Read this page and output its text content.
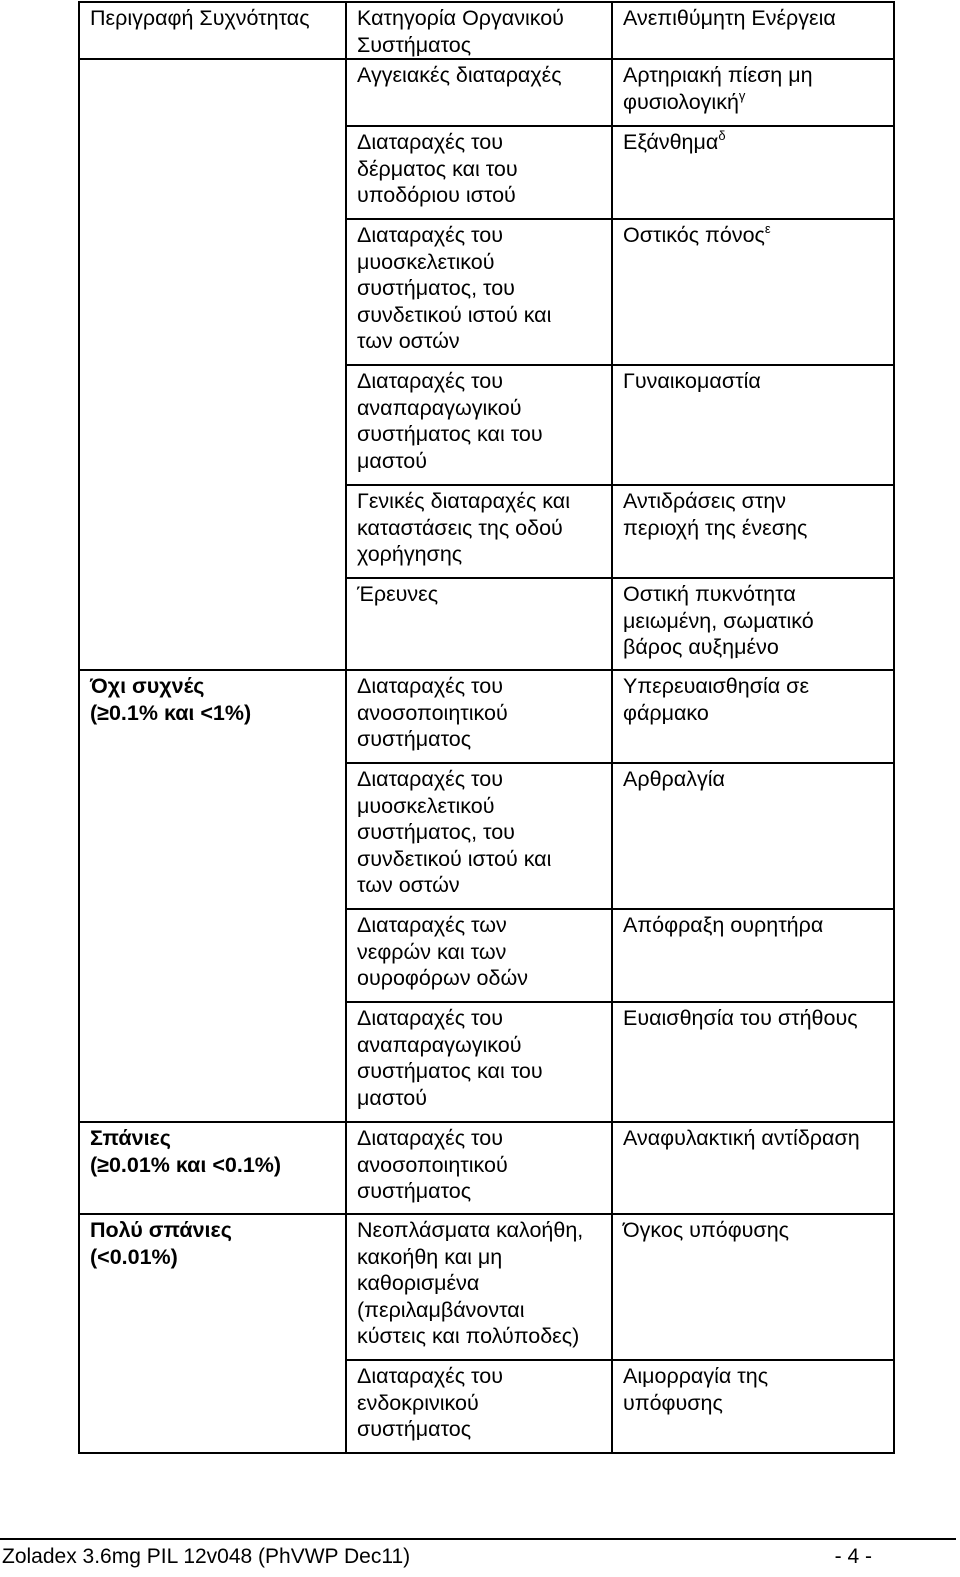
Περιγραφή Συχνότητας	Κατηγορία Οργανικού
Συστήματος	Ανεπιθύμητη Ενέργεια
	Αγγειακές διαταραχές	Αρτηριακή πίεση μη
φυσιολογική$^\gamma$
	Διαταραχές του
δέρματος και του
υποδόριου ιστού	Εξάνθημα$^\delta$
	Διαταραχές του
μυοσκελετικού
συστήματος, του
συνδετικού ιστού και
των οστών	Οστικός πόνος$^\varepsilon$
	Διαταραχές του
αναπαραγωγικού
συστήματος και του
μαστού	Γυναικομαστία
	Γενικές διαταραχές και
καταστάσεις της οδού
χορήγησης	Αντιδράσεις στην
περιοχή της ένεσης
	Έρευνες	Οστική πυκνότητα
μειωμένη, σωματικό
βάρος αυξημένο
Όχι συχνές
(≥0.1% και <1%)	Διαταραχές του
ανοσοποιητικού
συστήματος	Υπερευαισθησία σε
φάρμακο
	Διαταραχές του
μυοσκελετικού
συστήματος, του
συνδετικού ιστού και
των οστών	Αρθραλγία
	Διαταραχές των
νεφρών και των
ουροφόρων οδών	Απόφραξη ουρητήρα
	Διαταραχές του
αναπαραγωγικού
συστήματος και του
μαστού	Ευαισθησία του στήθους
Σπάνιες
(≥0.01% και <0.1%)	Διαταραχές του
ανοσοποιητικού
συστήματος	Αναφυλακτική αντίδραση
Πολύ σπάνιες
(<0.01%)	Νεοπλάσματα καλοήθη,
κακοήθη και μη
καθορισμένα
(περιλαμβάνονται
κύστεις και πολύποδες)	Όγκος υπόφυσης
	Διαταραχές του
ενδοκρινικού
συστήματος	Αιμορραγία της
υπόφυσης
Zoladex 3.6mg PIL 12v048 (PhVWP Dec11)	- 4 -
